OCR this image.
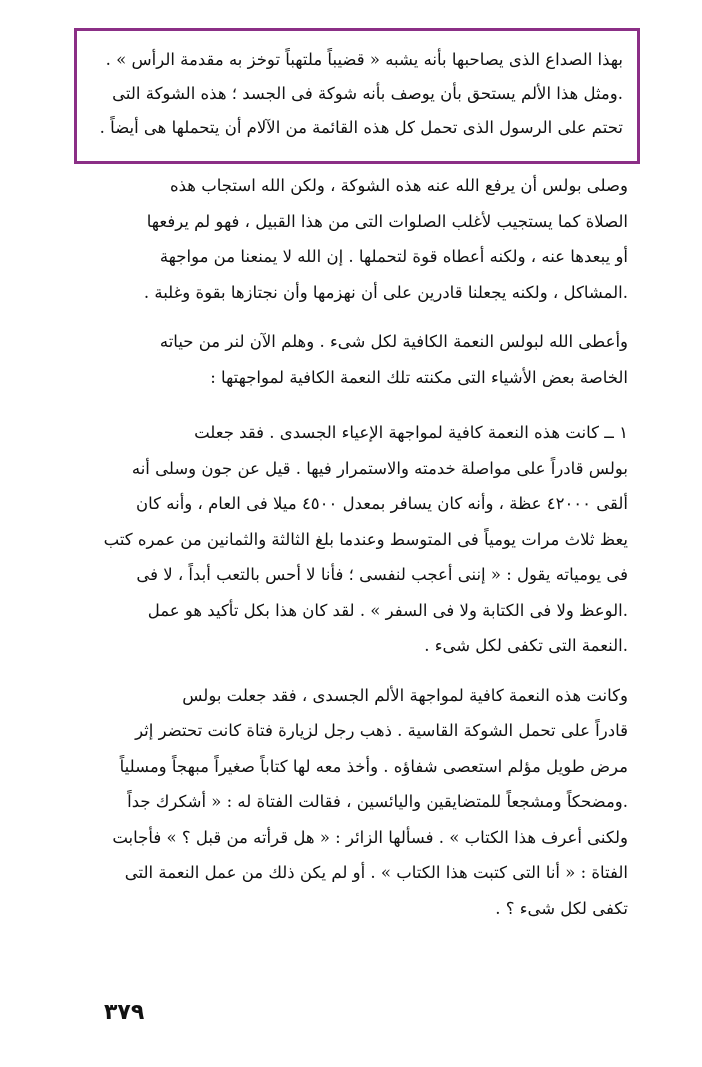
بهذا الصداع الذى يصاحبها بأنه يشبه « قضيباً ملتهباً توخز به مقدمة الرأس » .
.ومثل هذا الألم يستحق بأن يوصف بأنه شوكة فى الجسد ؛ هذه الشوكة التى
تحتم على الرسول الذى تحمل كل هذه القائمة من الآلام أن يتحملها هى أيضاً .
وصلى بولس أن يرفع الله عنه هذه الشوكة ، ولكن الله استجاب هذه
الصلاة كما يستجيب لأغلب الصلوات التى من هذا القبيل ، فهو لم يرفعها
أو يبعدها عنه ، ولكنه أعطاه قوة لتحملها . إن الله لا يمنعنا من مواجهة
.المشاكل ، ولكنه يجعلنا قادرين على أن نهزمها وأن نجتازها بقوة وغلبة .
وأعطى الله لبولس النعمة الكافية لكل شىء . وهلم الآن لنر من حياته
الخاصة بعض الأشياء التى مكنته تلك النعمة الكافية لمواجهتها :
١ ــ كانت هذه النعمة كافية لمواجهة الإعياء الجسدى . فقد جعلت
بولس قادراً على مواصلة خدمته والاستمرار فيها . قيل عن جون وسلى أنه
ألقى ٤٢٠٠٠ عظة ، وأنه كان يسافر بمعدل ٤٥٠٠ ميلا فى العام ، وأنه كان
يعظ ثلاث مرات يومياً فى المتوسط وعندما بلغ الثالثة والثمانين من عمره كتب
فى يومياته يقول : « إننى أعجب لنفسى ؛ فأنا لا أحس بالتعب أبداً ، لا فى
.الوعظ ولا فى الكتابة ولا فى السفر » . لقد كان هذا بكل تأكيد هو عمل
.النعمة التى تكفى لكل شىء .
وكانت هذه النعمة كافية لمواجهة الألم الجسدى ، فقد جعلت بولس
قادراً على تحمل الشوكة القاسية . ذهب رجل لزيارة فتاة كانت تحتضر إثر
مرض طويل مؤلم استعصى شفاؤه . وأخذ معه لها كتاباً صغيراً مبهجاً ومسلياً
.ومضحكاً ومشجعاً للمتضايقين واليائسين ، فقالت الفتاة له : « أشكرك جداً
ولكنى أعرف هذا الكتاب » . فسألها الزائر : « هل قرأته من قبل ؟ » فأجابت
الفتاة : « أنا التى كتبت هذا الكتاب » . أو لم يكن ذلك من عمل النعمة التى
تكفى لكل شىء ؟ .
٣٧٩
